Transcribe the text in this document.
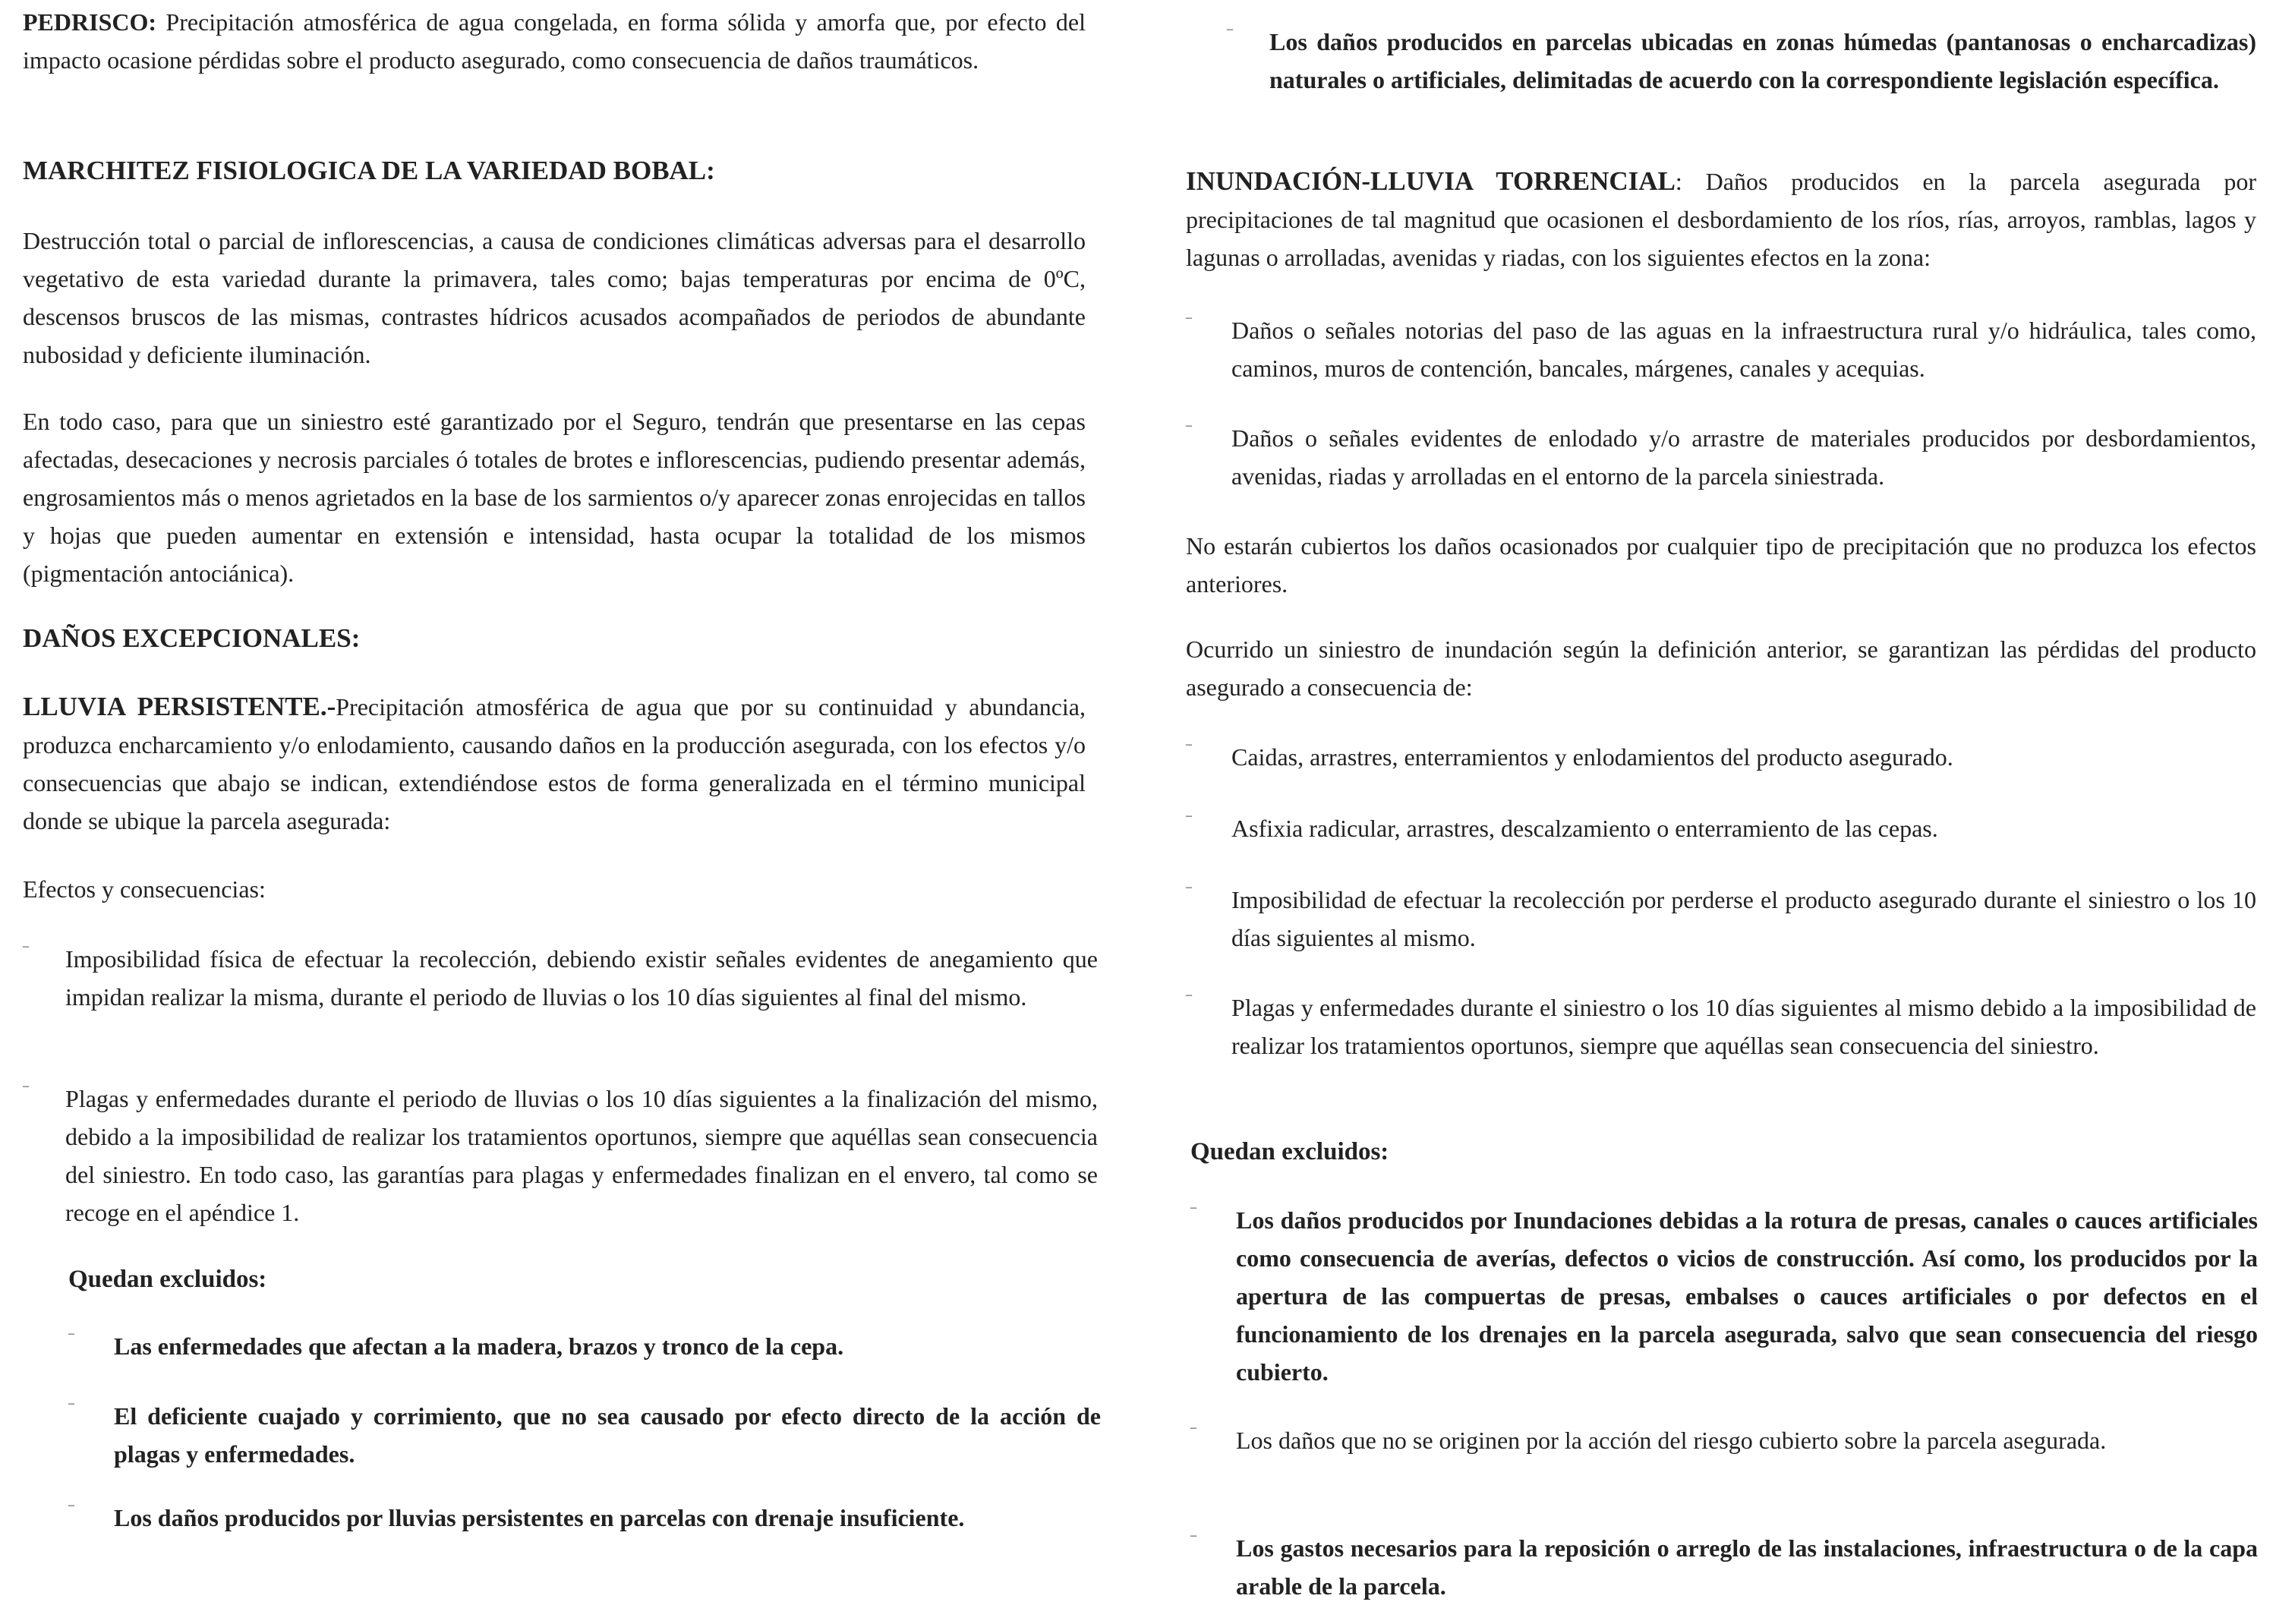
PEDRISCO: Precipitación atmosférica de agua congelada, en forma sólida y amorfa que, por efecto del impacto ocasione pérdidas sobre el producto asegurado, como consecuencia de daños traumáticos.

MARCHITEZ FISIOLOGICA DE LA VARIEDAD BOBAL:

Destrucción total o parcial de inflorescencias, a causa de condiciones climáticas adversas para el desarrollo vegetativo de esta variedad durante la primavera, tales como; bajas temperaturas por encima de 0ºC, descensos bruscos de las mismas, contrastes hídricos acusados acompañados de periodos de abundante nubosidad y deficiente iluminación.

En todo caso, para que un siniestro esté garantizado por el Seguro, tendrán que presentarse en las cepas afectadas, desecaciones y necrosis parciales ó totales de brotes e inflorescencias, pudiendo presentar además, engrosamientos más o menos agrietados en la base de los sarmientos o/y aparecer zonas enrojecidas en tallos y hojas que pueden aumentar en extensión e intensidad, hasta ocupar la totalidad de los mismos (pigmentación antociánica).

DAÑOS EXCEPCIONALES:

LLUVIA PERSISTENTE.-Precipitación atmosférica de agua que por su continuidad y abundancia, produzca encharcamiento y/o enlodamiento, causando daños en la producción asegurada, con los efectos y/o consecuencias que abajo se indican, extendiéndose estos de forma generalizada en el término municipal donde se ubique la parcela asegurada:

Efectos y consecuencias:

–	Imposibilidad física de efectuar la recolección, debiendo existir señales evidentes de anegamiento que impidan realizar la misma, durante el periodo de lluvias o los 10 días siguientes al final del mismo.

–	Plagas y enfermedades durante el periodo de lluvias o los 10 días siguientes a la finalización del mismo, debido a la imposibilidad de realizar los tratamientos oportunos, siempre que aquéllas sean consecuencia del siniestro. En todo caso, las garantías para plagas y enfermedades finalizan en el envero, tal como se recoge en el apéndice 1.

Quedan excluidos:
–	Las enfermedades que afectan a la madera, brazos y tronco de la cepa.

–	El deficiente cuajado y corrimiento, que no sea causado por efecto directo de la acción de plagas y enfermedades.

–	Los daños producidos por lluvias persistentes en parcelas con drenaje insuficiente.

–	Los daños producidos en parcelas ubicadas en zonas húmedas (pantanosas o encharcadizas) naturales o artificiales, delimitadas de acuerdo con la correspondiente legislación específica.

INUNDACIÓN-LLUVIA TORRENCIAL: Daños producidos en la parcela asegurada por precipitaciones de tal magnitud que ocasionen el desbordamiento de los ríos, rías, arroyos, ramblas, lagos y lagunas o arrolladas, avenidas y riadas, con los siguientes efectos en la zona:

–	Daños o señales notorias del paso de las aguas en la infraestructura rural y/o hidráulica, tales como, caminos, muros de contención, bancales, márgenes, canales y acequias.

–	Daños o señales evidentes de enlodado y/o arrastre de materiales producidos por desbordamientos, avenidas, riadas y arrolladas en el entorno de la parcela siniestrada.

No estarán cubiertos los daños ocasionados por cualquier tipo de precipitación que no produzca los efectos anteriores.

Ocurrido un siniestro de inundación según la definición anterior, se garantizan las pérdidas del producto asegurado a consecuencia de:

–	Caidas, arrastres, enterramientos y enlodamientos del producto asegurado.

–	Asfixia radicular, arrastres, descalzamiento o enterramiento de las cepas.

–	Imposibilidad de efectuar la recolección por perderse el producto asegurado durante el siniestro o los 10 días siguientes al mismo.

–	Plagas y enfermedades durante el siniestro o los 10 días siguientes al mismo debido a la imposibilidad de realizar los tratamientos oportunos, siempre que aquéllas sean consecuencia del siniestro.

Quedan excluidos:
–	Los daños producidos por Inundaciones debidas a la rotura de presas, canales o cauces artificiales como consecuencia de averías, defectos o vicios de construcción. Así como, los producidos por la apertura de las compuertas de presas, embalses o cauces artificiales o por defectos en el funcionamiento de los drenajes en la parcela asegurada, salvo que sean consecuencia del riesgo cubierto.

–	Los daños que no se originen por la acción del riesgo cubierto sobre la parcela asegurada.

–	Los gastos necesarios para la reposición o arreglo de las instalaciones, infraestructura o de la capa arable de la parcela.
